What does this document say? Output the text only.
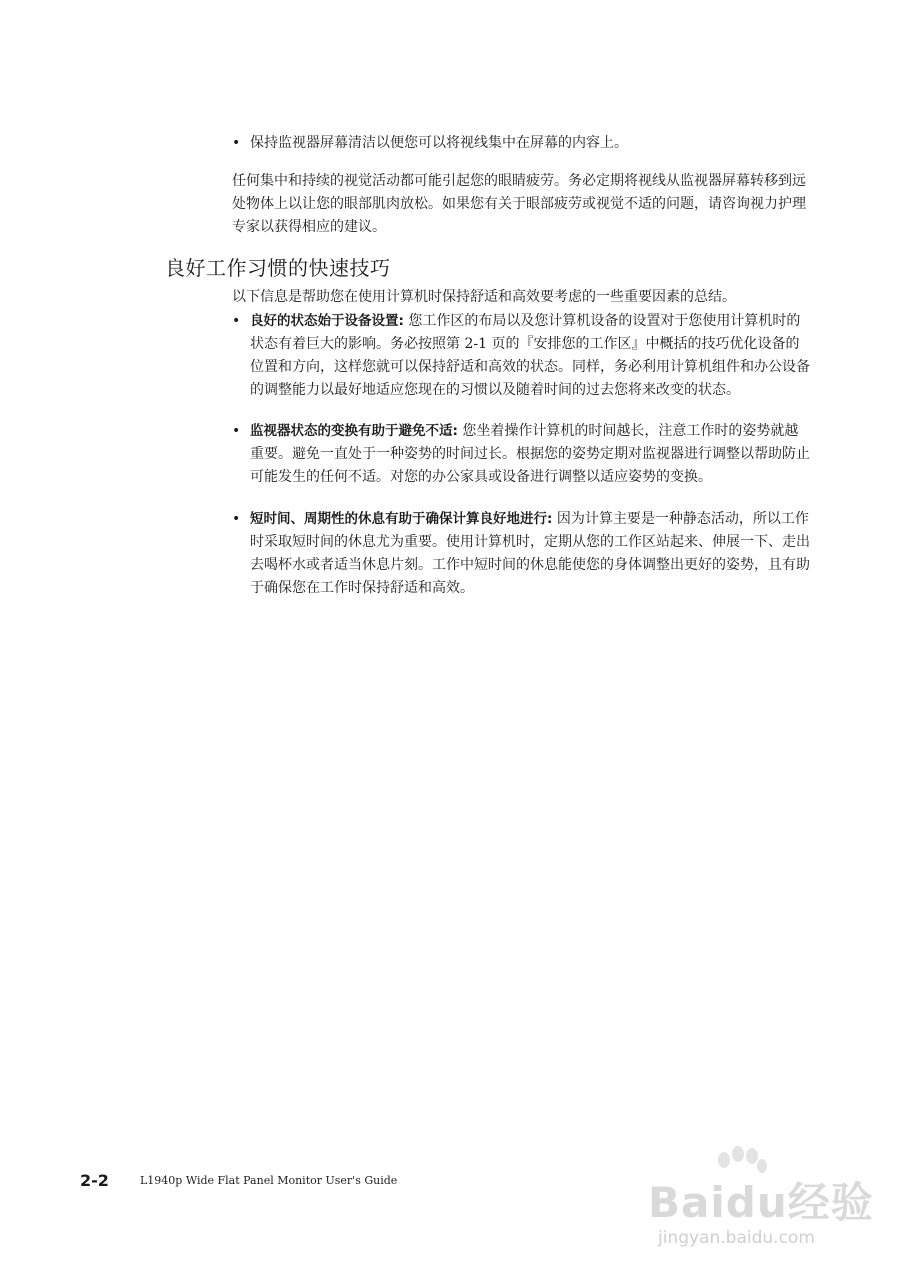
• 保持监视器屏幕清洁以便您可以将视线集中在屏幕的内容上。
任何集中和持续的视觉活动都可能引起您的眼睛疲劳。务必定期将视线从监视器屏幕转移到远处物体上以让您的眼部肌肉放松。如果您有关于眼部疲劳或视觉不适的问题，请咨询视力护理专家以获得相应的建议。
良好工作习惯的快速技巧
以下信息是帮助您在使用计算机时保持舒适和高效要考虑的一些重要因素的总结。
• 良好的状态始于设备设置: 您工作区的布局以及您计算机设备的设置对于您使用计算机时的状态有着巨大的影响。务必按照第 2-1 页的『安排您的工作区』中概括的技巧优化设备的位置和方向，这样您就可以保持舒适和高效的状态。同样，务必利用计算机组件和办公设备的调整能力以最好地适应您现在的习惯以及随着时间的过去您将来改变的状态。
• 监视器状态的变换有助于避免不适: 您坐着操作计算机的时间越长，注意工作时的姿势就越重要。避免一直处于一种姿势的时间过长。根据您的姿势定期对监视器进行调整以帮助防止可能发生的任何不适。对您的办公家具或设备进行调整以适应姿势的变换。
• 短时间、周期性的休息有助于确保计算良好地进行: 因为计算主要是一种静态活动，所以工作时采取短时间的休息尤为重要。使用计算机时，定期从您的工作区站起来、伸展一下、走出去喝杯水或者适当休息片刻。工作中短时间的休息能使您的身体调整出更好的姿势，且有助于确保您在工作时保持舒适和高效。
2-2	L1940p Wide Flat Panel Monitor User's Guide	Baidu经验
jingyan.baidu.com
